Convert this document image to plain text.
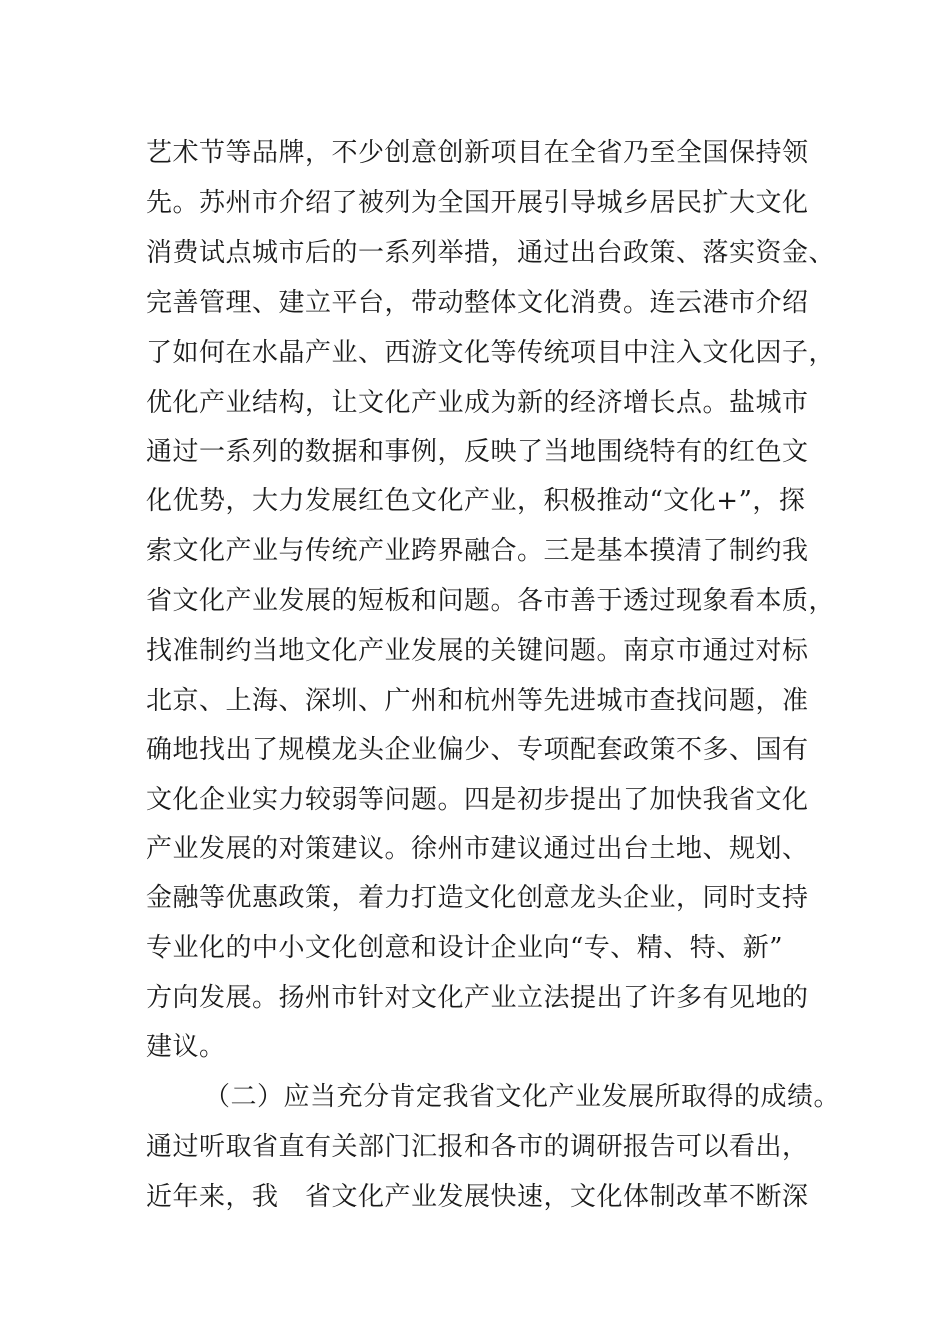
艺术节等品牌，不少创意创新项目在全省乃至全国保持领
先。苏州市介绍了被列为全国开展引导城乡居民扩大文化
消费试点城市后的一系列举措，通过出台政策、落实资金、
完善管理、建立平台，带动整体文化消费。连云港市介绍
了如何在水晶产业、西游文化等传统项目中注入文化因子，
优化产业结构，让文化产业成为新的经济增长点。盐城市
通过一系列的数据和事例，反映了当地围绕特有的红色文
化优势，大力发展红色文化产业，积极推动“文化+”，探
索文化产业与传统产业跨界融合。三是基本摸清了制约我
省文化产业发展的短板和问题。各市善于透过现象看本质，
找准制约当地文化产业发展的关键问题。南京市通过对标
北京、上海、深圳、广州和杭州等先进城市查找问题，准
确地找出了规模龙头企业偏少、专项配套政策不多、国有
文化企业实力较弱等问题。四是初步提出了加快我省文化
产业发展的对策建议。徐州市建议通过出台土地、规划、
金融等优惠政策，着力打造文化创意龙头企业，同时支持
专业化的中小文化创意和设计企业向“专、精、特、新”
方向发展。扬州市针对文化产业立法提出了许多有见地的
建议。
（二）应当充分肯定我省文化产业发展所取得的成绩。
通过听取省直有关部门汇报和各市的调研报告可以看出，
近年来，我　省文化产业发展快速，文化体制改革不断深
